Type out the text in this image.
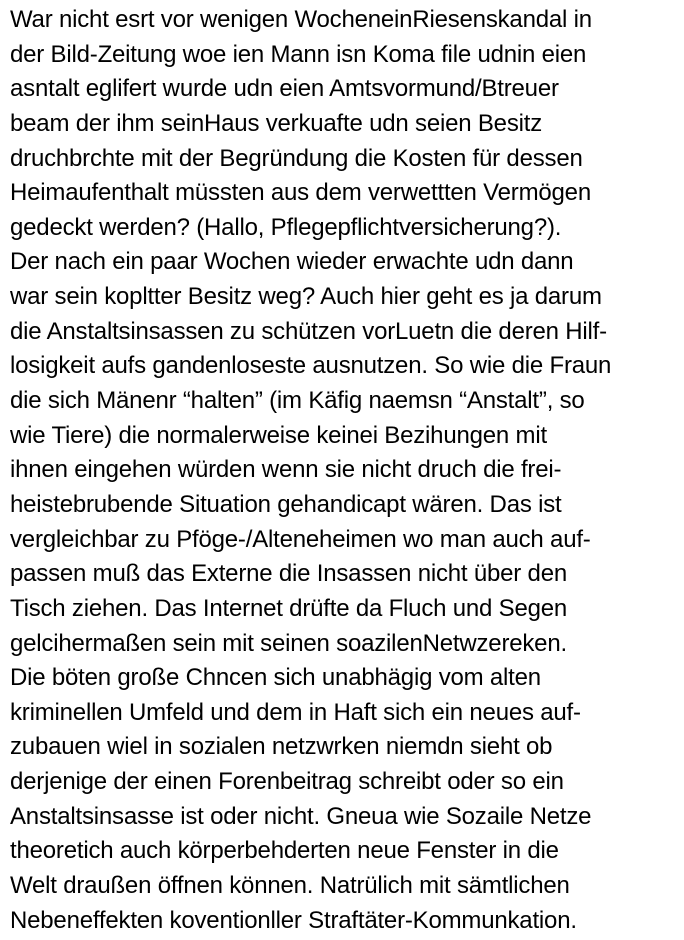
War nicht esrt vor wenigen WocheneinRiesenskandal in
der Bild-Zeitung woe ien Mann isn Koma file udnin eien
asntalt eglifert wurde udn eien Amtsvormund/Btreuer
beam der ihm seinHaus verkuafte udn seien Besitz
druchbrchte mit der Begründung die Kosten für dessen
Heimaufenthalt müssten aus dem verwettten Vermögen
gedeckt werden? (Hallo, Pflegepflichtversicherung?).
Der nach ein paar Wochen wieder erwachte udn dann
war sein kopltter Besitz weg? Auch hier geht es ja darum
die Anstaltsinsassen zu schützen vorLuetn die deren Hilf-
losigkeit aufs gandenloseste ausnutzen. So wie die Fraun
die sich Mänenr “halten” (im Käfig naemsn “Anstalt”, so
wie Tiere) die normalerweise keinei Bezihungen mit
ihnen eingehen würden wenn sie nicht druch die frei-
heistebrubende Situation gehandicapt wären. Das ist
vergleichbar zu Pföge-/Alteneheimen wo man auch auf-
passen muß das Externe die Insassen nicht über den
Tisch ziehen. Das Internet drüfte da Fluch und Segen
gelcihermaßen sein mit seinen soazilenNetwzereken.
Die böten große Chncen sich unabhägig vom alten
kriminellen Umfeld und dem in Haft sich ein neues auf-
zubauen wiel in sozialen netzwrken niemdn sieht ob
derjenige der einen Forenbeitrag schreibt oder so ein
Anstaltsinsasse ist oder nicht. Gneua wie Sozaile Netze
theoretich auch körperbehderten neue Fenster in die
Welt draußen öffnen können. Natrülich mit sämtlichen
Nebeneffekten koventionller Straftäter-Kommunkation.
